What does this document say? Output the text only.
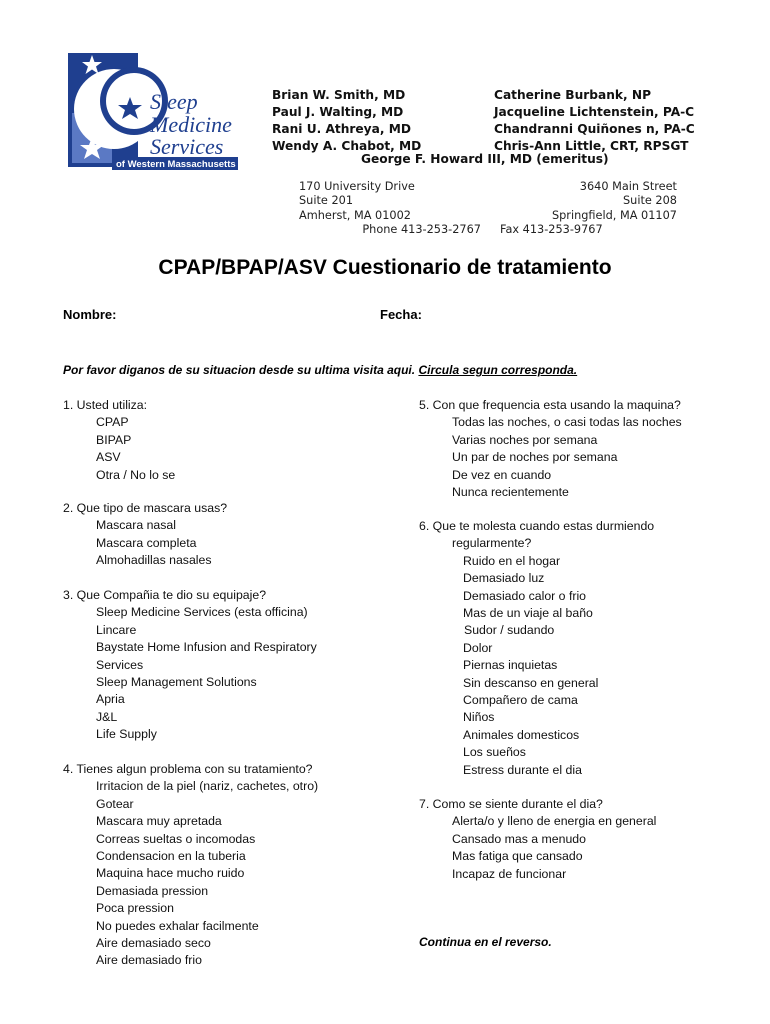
of Western Massachusetts
Sleep
Medicine
Services
Brian W. Smith, MD
Paul J. Walting, MD
Rani U. Athreya, MD
Wendy A. Chabot, MD
Catherine Burbank, NP
Jacqueline Lichtenstein, PA-C
Chandranni Quiñones n, PA-C
Chris-Ann Little, CRT, RPSGT
George F. Howard III, MD (emeritus)
170 University Drive
Suite 201
Amherst, MA 01002
Phone 413-253-2767
3640 Main Street
Suite 208
Springfield, MA 01107
Fax 413-253-9767
CPAP/BPAP/ASV Cuestionario de tratamiento
Nombre:	Fecha:
Por favor diganos de su situacion desde su ultima visita aqui. Circula segun corresponda.
1. Usted utiliza:
CPAP
BIPAP
ASV
Otra / No lo se
2. Que tipo de mascara usas?
Mascara nasal
Mascara completa
Almohadillas nasales
3. Que Compañia te dio su equipaje?
Sleep Medicine Services (esta officina)
Lincare
Baystate Home Infusion and Respiratory
Services
Sleep Management Solutions
Apria
J&L
Life Supply
4. Tienes algun problema con su tratamiento?
Irritacion de la piel (nariz, cachetes, otro)
Gotear
Mascara muy apretada
Correas sueltas o incomodas
Condensacion en la tuberia
Maquina hace mucho ruido
Demasiada pression
Poca pression
No puedes exhalar facilmente
Aire demasiado seco
Aire demasiado frio
5. Con que frequencia esta usando la maquina?
Todas las noches, o casi todas las noches
Varias noches por semana
Un par de noches por semana
De vez en cuando
Nunca recientemente
6. Que te molesta cuando estas durmiendo
regularmente?
Ruido en el hogar
Demasiado luz
Demasiado calor o frio
Mas de un viaje al baño
Sudor / sudando
Dolor
Piernas inquietas
Sin descanso en general
Compañero de cama
Niños
Animales domesticos
Los sueños
Estress durante el dia
7. Como se siente durante el dia?
Alerta/o y lleno de energia en general
Cansado mas a menudo
Mas fatiga que cansado
Incapaz de funcionar
Continua en el reverso.
